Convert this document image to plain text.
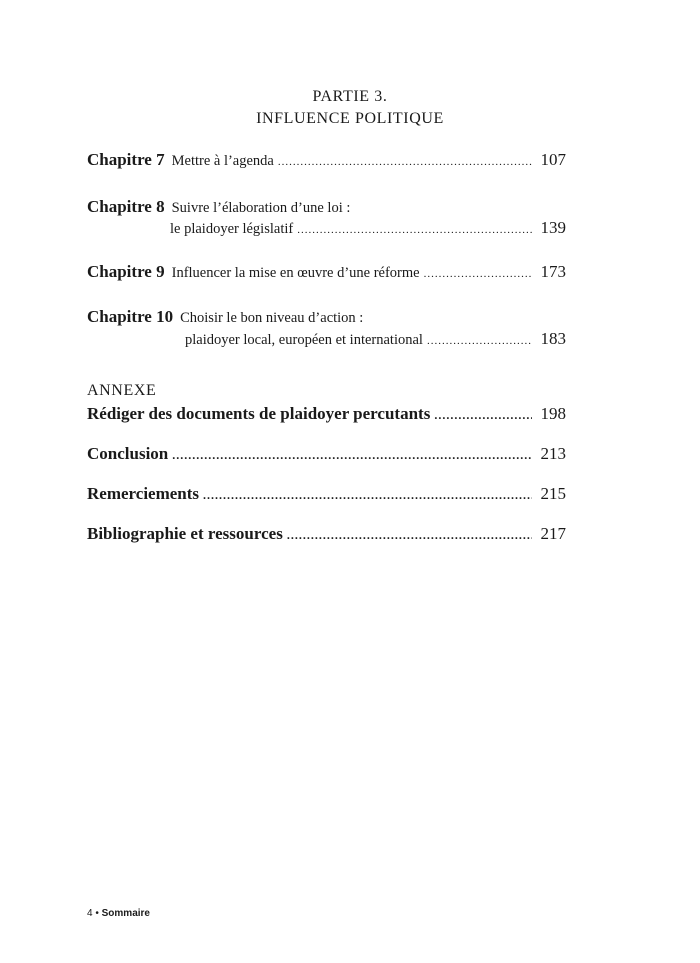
PARTIE 3.
INFLUENCE POLITIQUE
Chapitre 7 Mettre à l’agenda .....	107
Chapitre 8 Suivre l’élaboration d’une loi :
le plaidoyer législatif .....	139
Chapitre 9 Influencer la mise en œuvre d’une réforme .....	173
Chapitre 10 Choisir le bon niveau d’action :
plaidoyer local, européen et international .....	183
ANNEXE
Rédiger des documents de plaidoyer percutants .....	198
Conclusion .....	213
Remerciements .....	215
Bibliographie et ressources .....	217
4 • Sommaire
